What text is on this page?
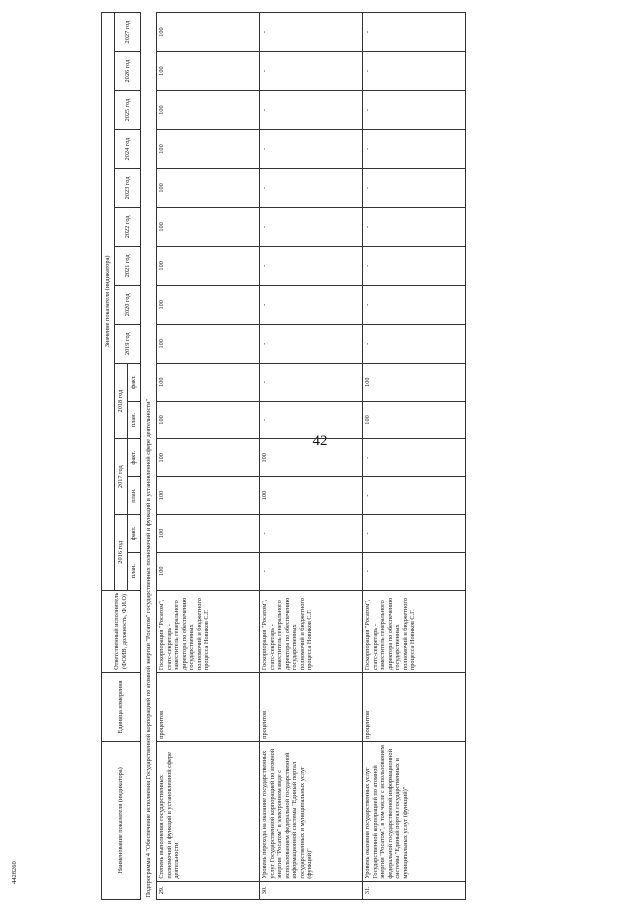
42
4428260	Наименование показателя (индикатора)		Единица измерения	Ответственный исполнитель (ФОИВ, должность, Ф.И.О)	Значение показателя (индикатора)														
				2016 год		2017 год		2018 год		2019 год	2020 год	2021 год	2022 год	2023 год	2024 год	2025 год	2026 год	2027 год
				план.	факт.	план.	факт.	план.	факт.									
Подпрограмма 4 "Обеспечение исполнения Государственной корпорацией по атомной энергии "Росатом" государственных полномочий и функций в установленной сфере деятельности"																		
29.	Степень выполнения государственных полномочий и функций в установленной сфере деятельности	процентов	Госкорпорация "Росатом", статс-секретарь - заместитель генерального директора по обеспечению государственных полномочий и бюджетного процесса Новиков С.Г.	100	100	100	100	100	100	100	100	100	100	100	100	100	100	100
30.	Уровень перехода на оказание государственных услуг Государственной корпорацией по атомной энергии "Росатом" в электронном виде с использованием федеральной государственной информационной системы "Единый портал государственных и муниципальных услуг (функций)"	процентов	Госкорпорация "Росатом", статс-секретарь - заместитель генерального директора по обеспечению государственных полномочий и бюджетного процесса Новиков С.Г.	-	-	100	100	-	-	-	-	-	-	-	-	-	-	-
31.	Уровень оказания государственных услуг Государственной корпорацией по атомной энергии "Росатом", в том числе с использованием федеральной государственной информационной системы "Единый портал государственных и муниципальных услуг (функций)"	процентов	Госкорпорация "Росатом", статс-секретарь - заместитель генерального директора по обеспечению государственных полномочий и бюджетного процесса Новиков С.Г.	-	-	-	-	100	100	-	-	-	-	-	-	-	-	-
